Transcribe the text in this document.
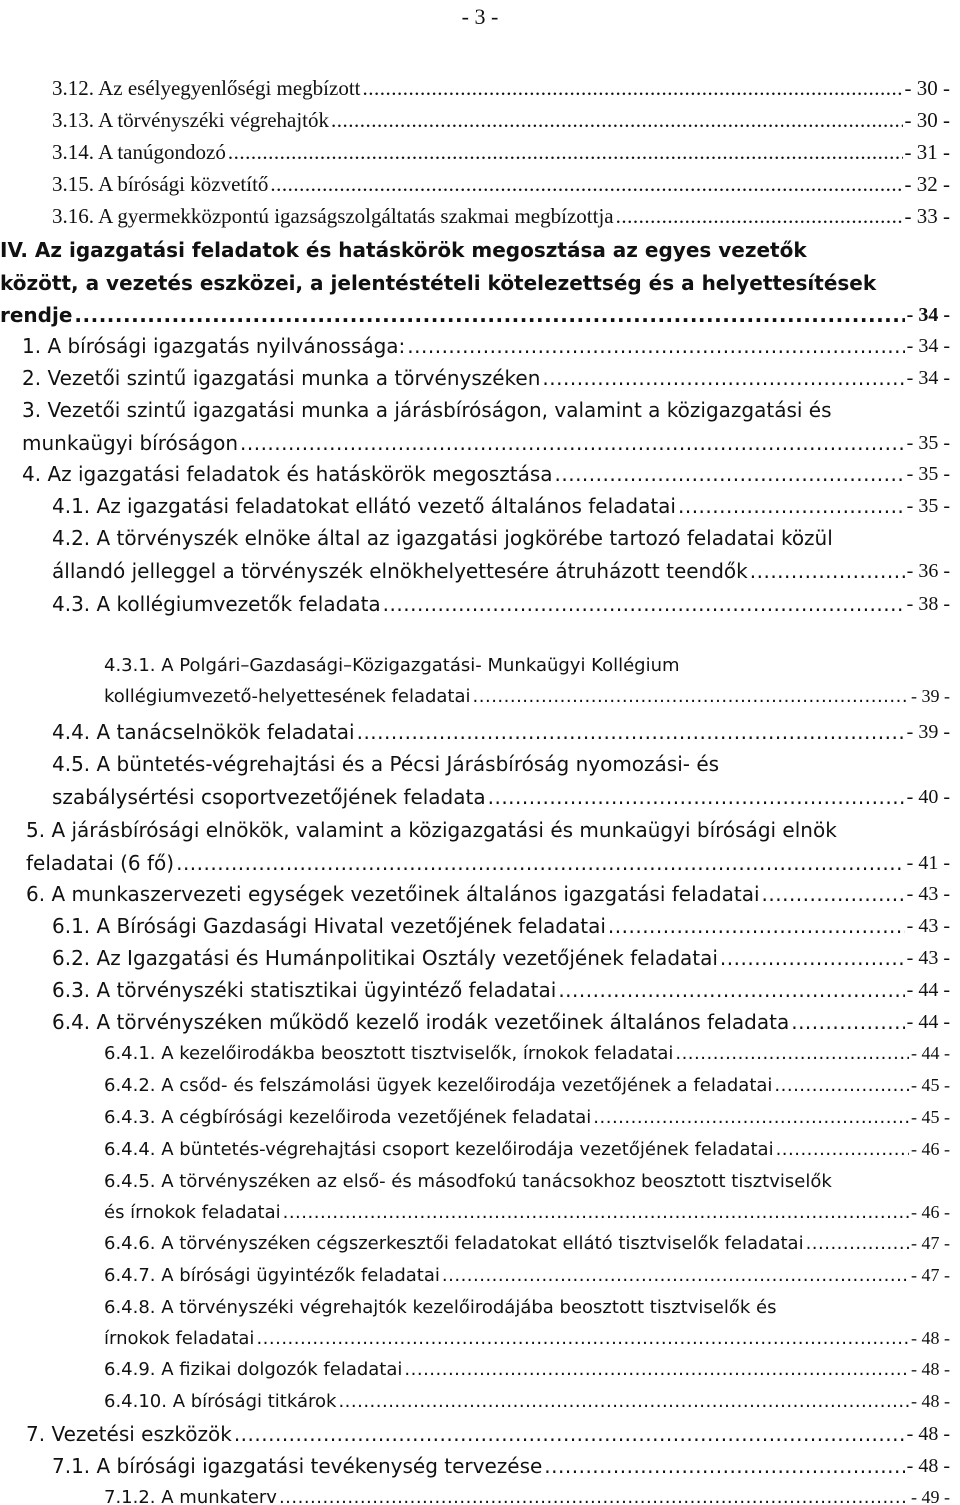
- 3 -
3.12. Az esélyegyenlőségi megbízott .....	- 30 -
3.13. A törvényszéki végrehajtók .....	- 30 -
3.14. A tanúgondozó .....	- 31 -
3.15. A bírósági közvetítő .....	- 32 -
3.16. A gyermekközpontú igazságszolgáltatás szakmai megbízottja .....	- 33 -
IV. Az igazgatási feladatok és hatáskörök megosztása az egyes vezetők
között, a vezetés eszközei, a jelentéstételi kötelezettség és a helyettesítések
rendje .....	- 34 -
1. A bírósági igazgatás nyilvánossága: .....	- 34 -
2. Vezetői szintű igazgatási munka a törvényszéken .....	- 34 -
3. Vezetői szintű igazgatási munka a járásbíróságon, valamint a közigazgatási és
munkaügyi bíróságon .....	- 35 -
4. Az igazgatási feladatok és hatáskörök megosztása .....	- 35 -
4.1. Az igazgatási feladatokat ellátó vezető általános feladatai .....	- 35 -
4.2. A törvényszék elnöke által az igazgatási jogkörébe tartozó feladatai közül
állandó jelleggel a törvényszék elnökhelyettesére átruházott teendők .....	- 36 -
4.3. A kollégiumvezetők feladata .....	- 38 -
4.3.1. A Polgári–Gazdasági–Közigazgatási- Munkaügyi Kollégium
kollégiumvezető-helyettesének feladatai .....	- 39 -
4.4. A tanácselnökök feladatai .....	- 39 -
4.5. A büntetés-végrehajtási és a Pécsi Járásbíróság nyomozási- és
szabálysértési csoportvezetőjének feladata .....	- 40 -
5. A járásbírósági elnökök, valamint a közigazgatási és munkaügyi bírósági elnök
feladatai (6 fő) .....	- 41 -
6. A munkaszervezeti egységek vezetőinek általános igazgatási feladatai .....	- 43 -
6.1. A Bírósági Gazdasági Hivatal vezetőjének feladatai .....	- 43 -
6.2. Az Igazgatási és Humánpolitikai Osztály vezetőjének feladatai .....	- 43 -
6.3. A törvényszéki statisztikai ügyintéző feladatai .....	- 44 -
6.4. A törvényszéken működő kezelő irodák vezetőinek általános feladata .....	- 44 -
6.4.1. A kezelőirodákba beosztott tisztviselők, írnokok feladatai .....	- 44 -
6.4.2. A csőd- és felszámolási ügyek kezelőirodája vezetőjének a feladatai .....	- 45 -
6.4.3. A cégbírósági kezelőiroda vezetőjének feladatai .....	- 45 -
6.4.4. A büntetés-végrehajtási csoport kezelőirodája vezetőjének feladatai .....	- 46 -
6.4.5. A törvényszéken az első- és másodfokú tanácsokhoz beosztott tisztviselők
és írnokok feladatai .....	- 46 -
6.4.6. A törvényszéken cégszerkesztői feladatokat ellátó tisztviselők feladatai .....	- 47 -
6.4.7. A bírósági ügyintézők feladatai .....	- 47 -
6.4.8. A törvényszéki végrehajtók kezelőirodájába beosztott tisztviselők és
írnokok feladatai .....	- 48 -
6.4.9. A fizikai dolgozók feladatai .....	- 48 -
6.4.10. A bírósági titkárok .....	- 48 -
7. Vezetési eszközök .....	- 48 -
7.1. A bírósági igazgatási tevékenység tervezése .....	- 48 -
7.1.2. A munkaterv .....	- 49 -
